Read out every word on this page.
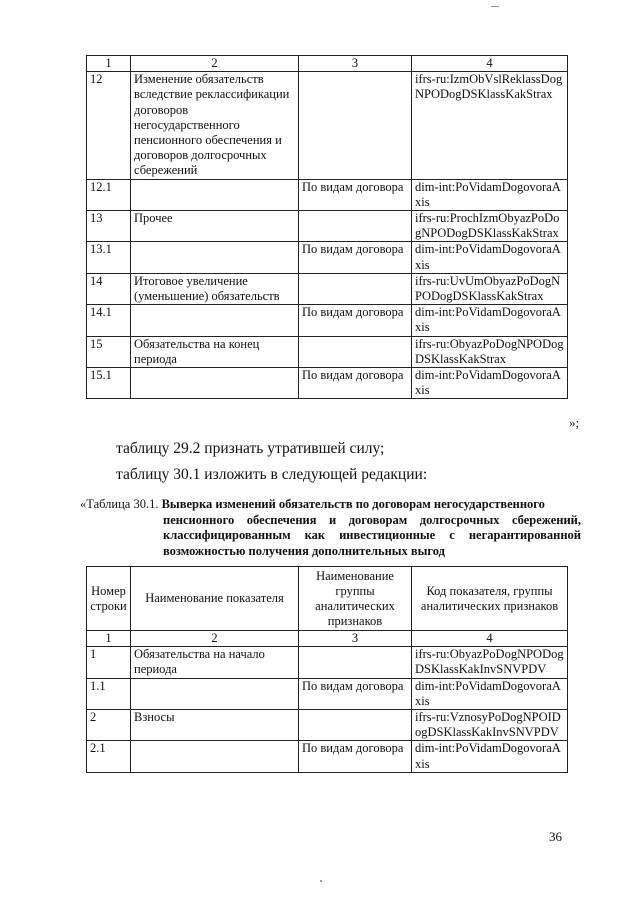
1	2	3	4
12	Изменение обязательств вследствие реклассификации договоров негосударственного пенсионного обеспечения и договоров долгосрочных сбережений		ifrs-ru:IzmObVslReklassDogNPODogDSKlassKakStrax
12.1		По видам договора	dim-int:PoVidamDogovoraAxis
13	Прочее		ifrs-ru:ProchIzmObyazPoDogNPODogDSKlassKakStrax
13.1		По видам договора	dim-int:PoVidamDogovoraAxis
14	Итоговое увеличение (уменьшение) обязательств		ifrs-ru:UvUmObyazPoDogNPODogDSKlassKakStrax
14.1		По видам договора	dim-int:PoVidamDogovoraAxis
15	Обязательства на конец периода		ifrs-ru:ObyazPoDogNPODogDSKlassKakStrax
15.1		По видам договора	dim-int:PoVidamDogovoraAxis
»;
таблицу 29.2 признать утратившей силу;
таблицу 30.1 изложить в следующей редакции:
«Таблица 30.1. Выверка изменений обязательств по договорам негосударственного
пенсионного обеспечения и договорам долгосрочных сбережений, классифицированным как инвестиционные с негарантированной возможностью получения дополнительных выгод
Номер строки	Наименование показателя	Наименование группы аналитических признаков	Код показателя, группы аналитических признаков
1	2	3	4
1	Обязательства на начало периода		ifrs-ru:ObyazPoDogNPODogDSKlassKakInvSNVPDV
1.1		По видам договора	dim-int:PoVidamDogovoraAxis
2	Взносы		ifrs-ru:VznosyPoDogNPOIDogDSKlassKakInvSNVPDV
2.1		По видам договора	dim-int:PoVidamDogovoraAxis
36
